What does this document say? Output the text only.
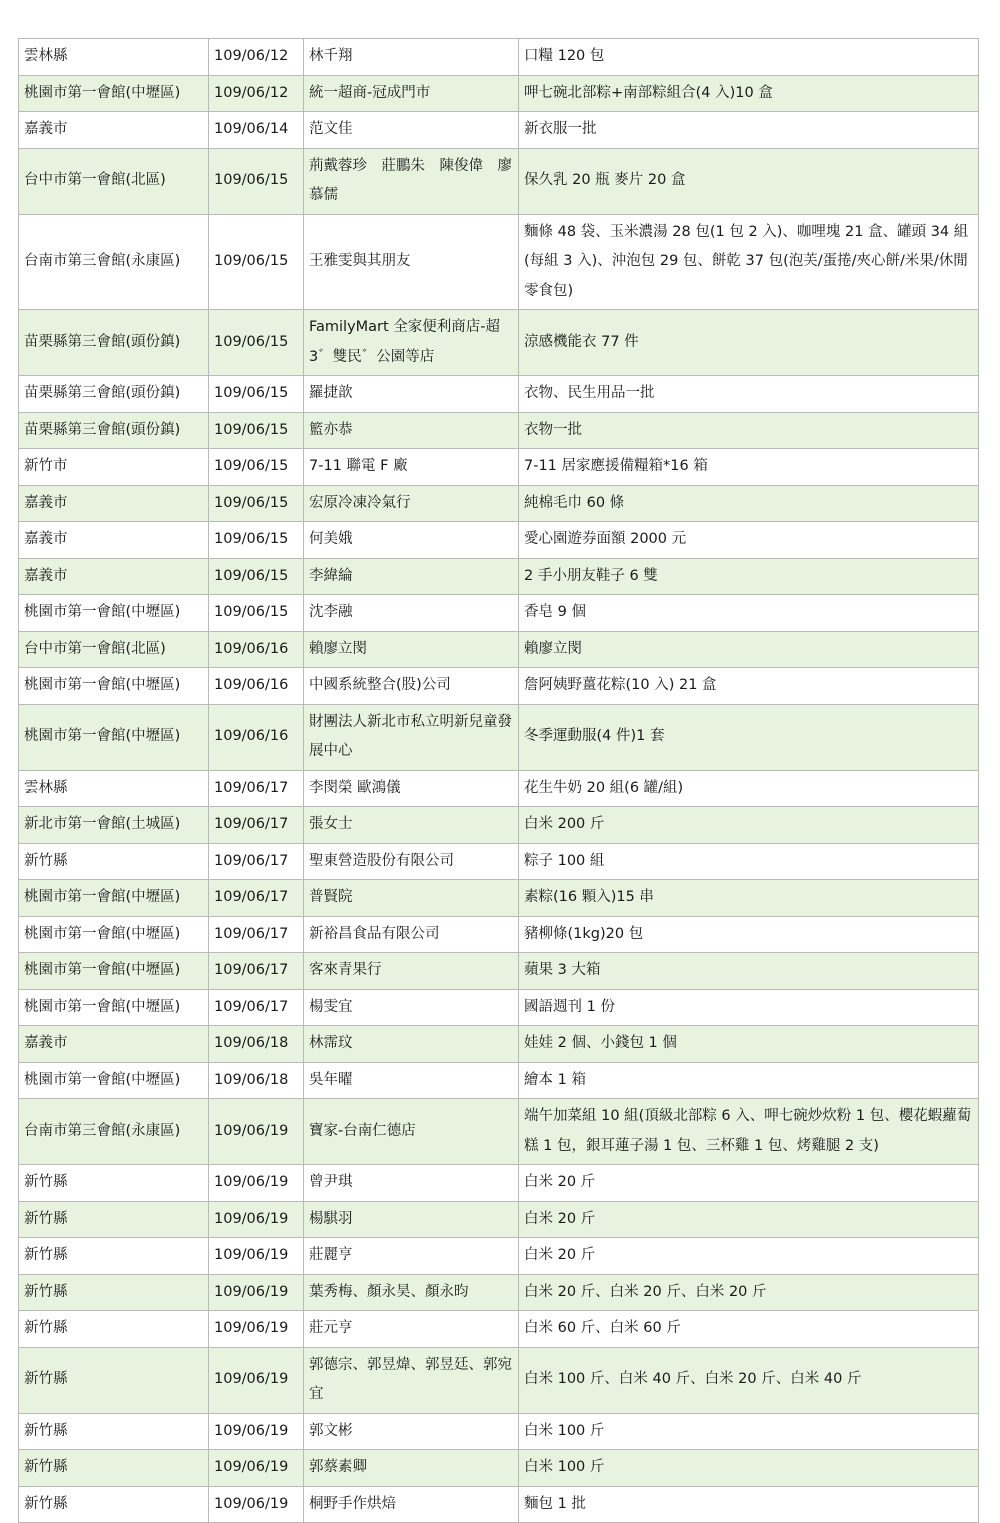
雲林縣	109/06/12	林千翔	口糧 120 包
桃園市第一會館(中壢區)	109/06/12	統一超商-冠成門市	呷七碗北部粽+南部粽組合(4 入)10 盒
嘉義市	109/06/14	范文佳	新衣服一批
台中市第一會館(北區)	109/06/15	荊戴蓉珍　莊鵬朱　陳俊偉　廖慕儒	保久乳 20 瓶 麥片 20 盒
台南市第三會館(永康區)	109/06/15	王雅雯與其朋友	麵條 48 袋、玉米濃湯 28 包(1 包 2 入)、咖哩塊 21 盒、罐頭 34 組(每組 3 入)、沖泡包 29 包、餅乾 37 包(泡芙/蛋捲/夾心餅/米果/休閒零食包)
苗栗縣第三會館(頭份鎮)	109/06/15	FamilyMart 全家便利商店-超 3゛雙民゛公園等店	涼感機能衣 77 件
苗栗縣第三會館(頭份鎮)	109/06/15	羅捷歆	衣物、民生用品一批
苗栗縣第三會館(頭份鎮)	109/06/15	籃亦恭	衣物一批
新竹市	109/06/15	7-11 聯電 F 廠	7-11 居家應援備糧箱*16 箱
嘉義市	109/06/15	宏原冷凍冷氣行	純棉毛巾 60 條
嘉義市	109/06/15	何美娥	愛心園遊券面額 2000 元
嘉義市	109/06/15	李緯綸	2 手小朋友鞋子 6 雙
桃園市第一會館(中壢區)	109/06/15	沈李融	香皂 9 個
台中市第一會館(北區)	109/06/16	賴廖立閔	賴廖立閔
桃園市第一會館(中壢區)	109/06/16	中國系統整合(股)公司	詹阿姨野薑花粽(10 入) 21 盒
桃園市第一會館(中壢區)	109/06/16	財團法人新北市私立明新兒童發展中心	冬季運動服(4 件)1 套
雲林縣	109/06/17	李閔榮 歐鴻儀	花生牛奶 20 組(6 罐/組)
新北市第一會館(土城區)	109/06/17	張女士	白米 200 斤
新竹縣	109/06/17	聖東營造股份有限公司	粽子 100 組
桃園市第一會館(中壢區)	109/06/17	普賢院	素粽(16 顆入)15 串
桃園市第一會館(中壢區)	109/06/17	新裕昌食品有限公司	豬柳條(1kg)20 包
桃園市第一會館(中壢區)	109/06/17	客來青果行	蘋果 3 大箱
桃園市第一會館(中壢區)	109/06/17	楊雯宜	國語週刊 1 份
嘉義市	109/06/18	林霈玟	娃娃 2 個、小錢包 1 個
桃園市第一會館(中壢區)	109/06/18	吳年曜	繪本 1 箱
台南市第三會館(永康區)	109/06/19	寶家-台南仁德店	端午加菜組 10 組(頂級北部粽 6 入、呷七碗炒炊粉 1 包、櫻花蝦蘿蔔糕 1 包，銀耳蓮子湯 1 包、三杯雞 1 包、烤雞腿 2 支)
新竹縣	109/06/19	曾尹琪	白米 20 斤
新竹縣	109/06/19	楊騏羽	白米 20 斤
新竹縣	109/06/19	莊麗亨	白米 20 斤
新竹縣	109/06/19	葉秀梅、顏永昊、顏永昀	白米 20 斤、白米 20 斤、白米 20 斤
新竹縣	109/06/19	莊元亨	白米 60 斤、白米 60 斤
新竹縣	109/06/19	郭德宗、郭昱煒、郭昱廷、郭宛宜	白米 100 斤、白米 40 斤、白米 20 斤、白米 40 斤
新竹縣	109/06/19	郭文彬	白米 100 斤
新竹縣	109/06/19	郭蔡素卿	白米 100 斤
新竹縣	109/06/19	桐野手作烘焙	麵包 1 批
